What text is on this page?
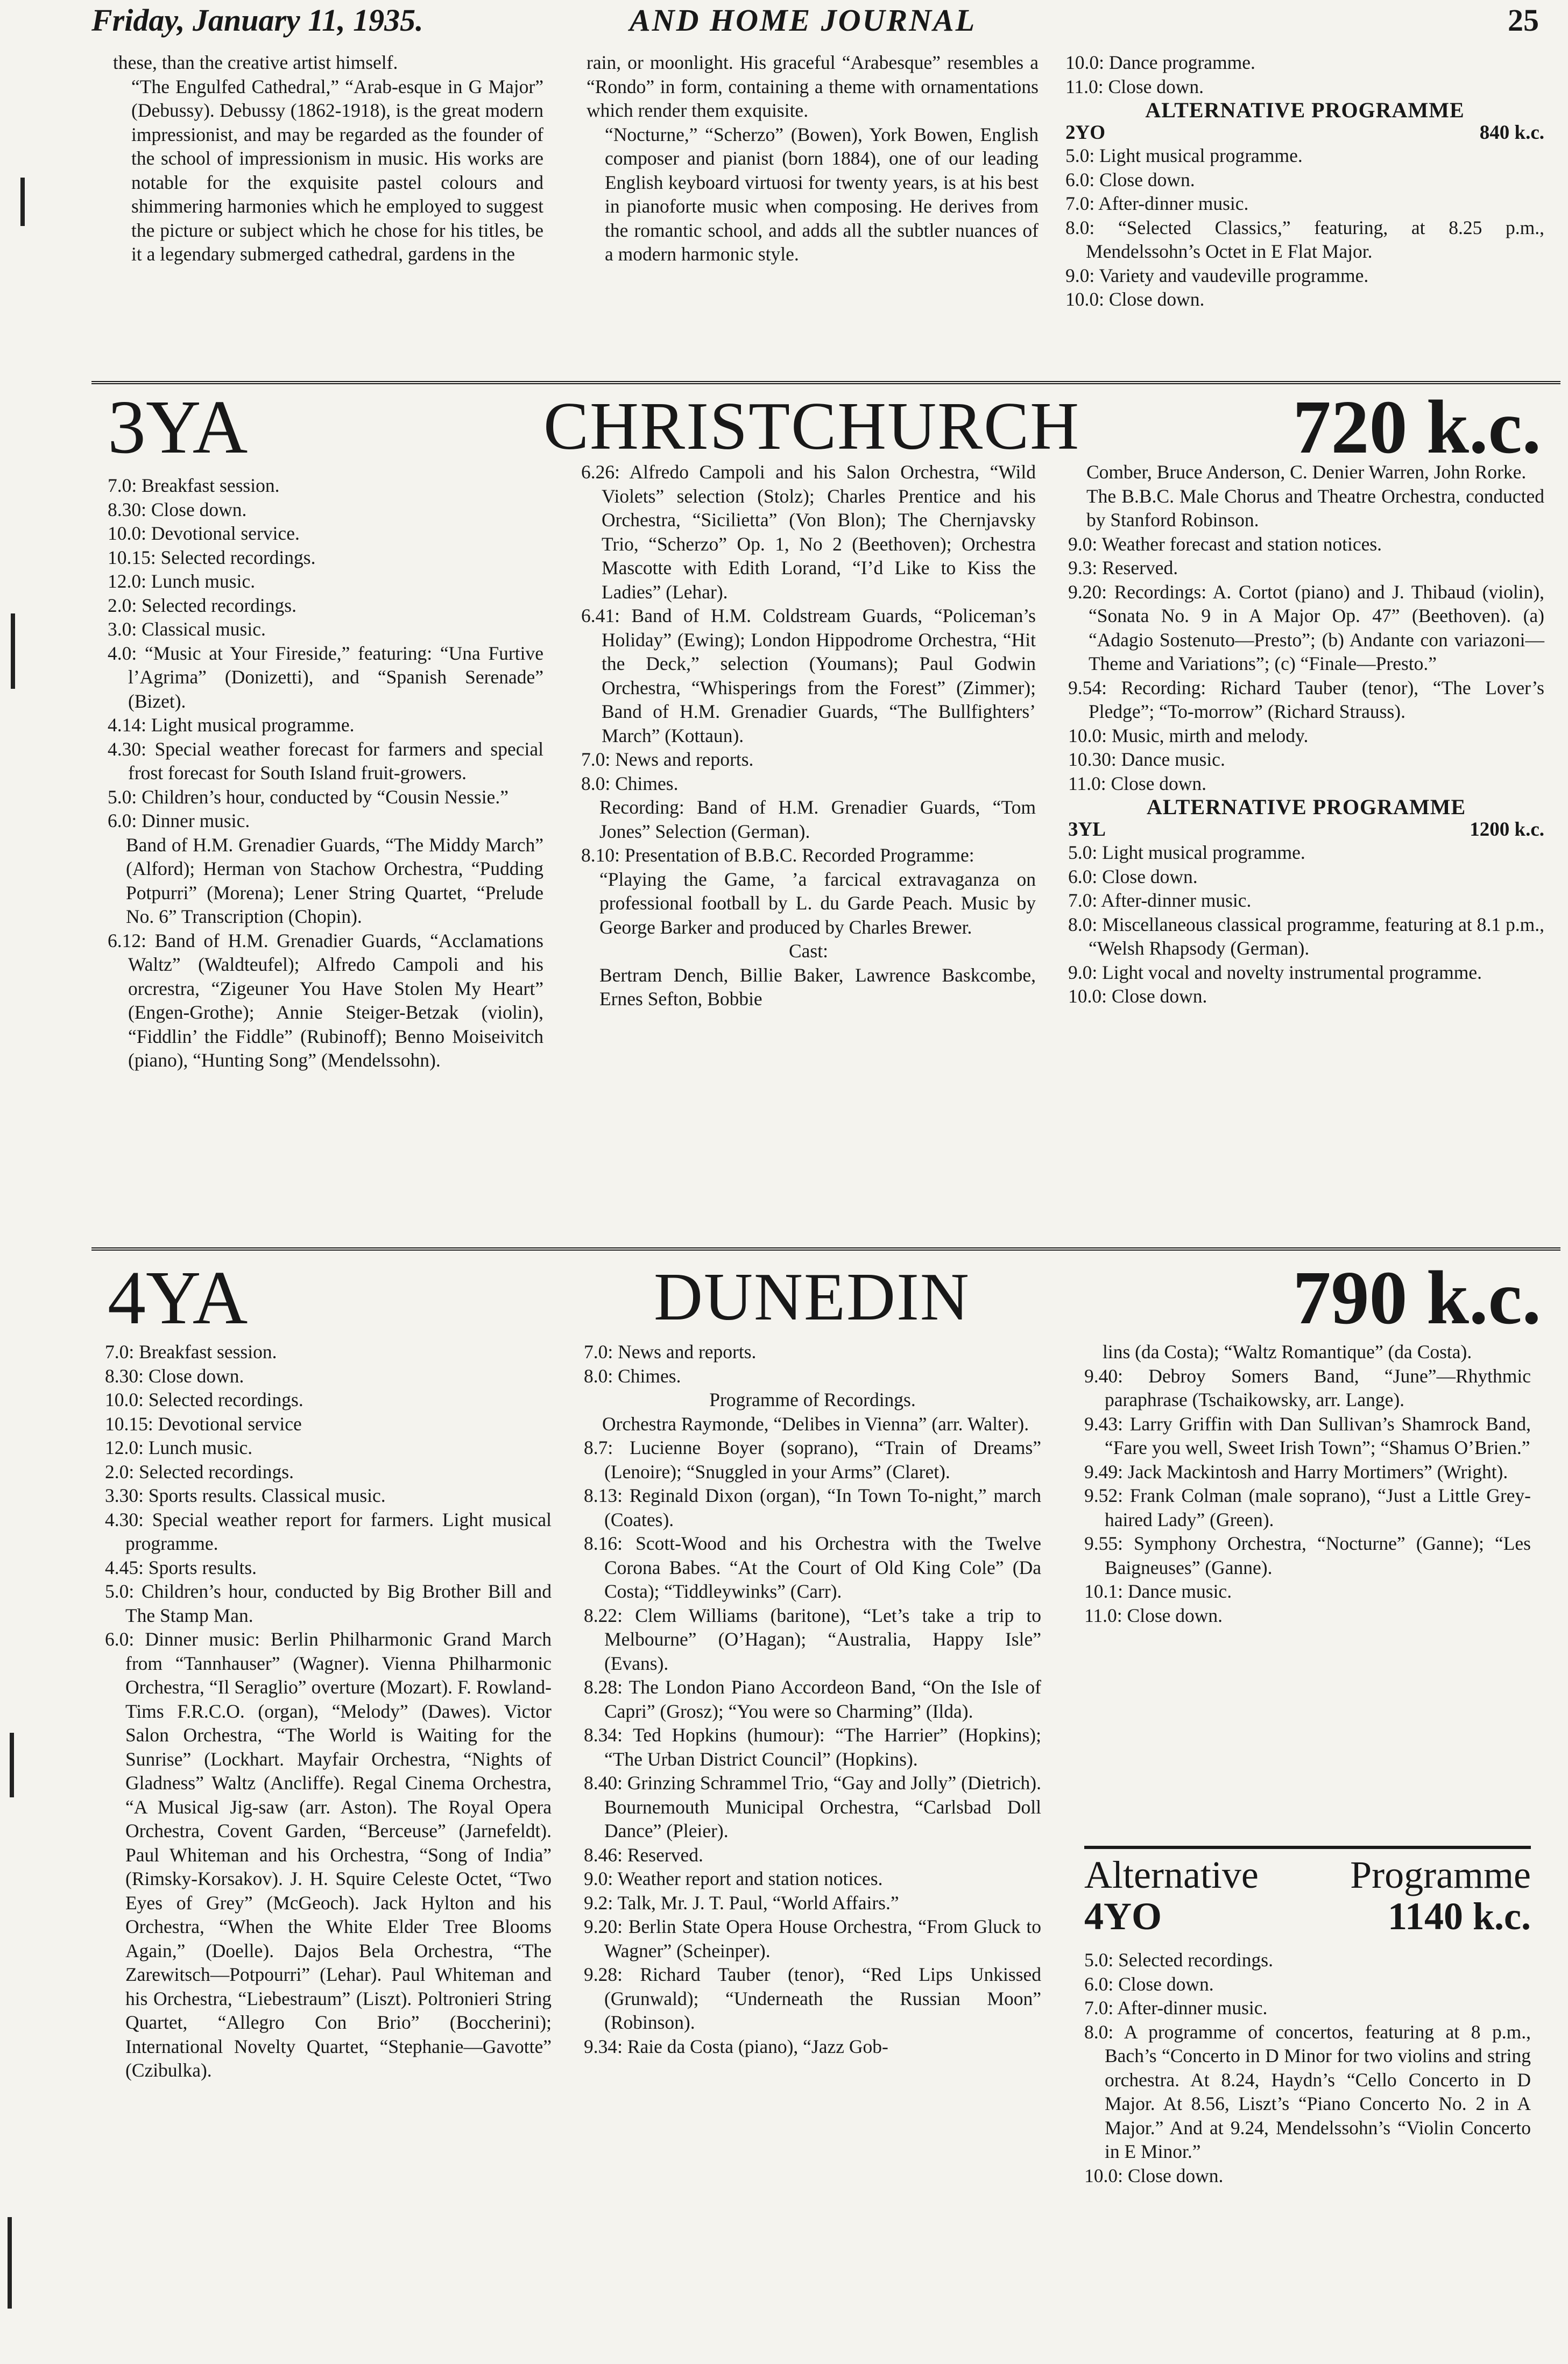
Friday, January 11, 1935.	AND HOME JOURNAL	25

these, than the creative artist himself.

“The Engulfed Cathedral,” “Arab-esque in G Major” (Debussy). Debussy (1862-1918), is the great modern impressionist, and may be regarded as the founder of the school of impressionism in music. His works are notable for the exquisite pastel colours and shimmering harmonies which he employed to suggest the picture or subject which he chose for his titles, be it a legendary submerged cathedral, gardens in the

rain, or moonlight. His graceful “Arabesque” resembles a “Rondo” in form, containing a theme with ornamentations which render them exquisite.

“Nocturne,” “Scherzo” (Bowen), York Bowen, English composer and pianist (born 1884), one of our leading English keyboard virtuosi for twenty years, is at his best in pianoforte music when composing. He derives from the romantic school, and adds all the subtler nuances of a modern harmonic style.

10.0: Dance programme.

11.0: Close down.

ALTERNATIVE PROGRAMME
2YO	840 k.c.

5.0: Light musical programme.

6.0: Close down.

7.0: After-dinner music.

8.0: “Selected Classics,” featuring, at 8.25 p.m., Mendelssohn’s Octet in E Flat Major.

9.0: Variety and vaudeville programme.

10.0: Close down.

3YA	CHRISTCHURCH	720 k.c.

7.0: Breakfast session.

8.30: Close down.

10.0: Devotional service.

10.15: Selected recordings.

12.0: Lunch music.

2.0: Selected recordings.

3.0: Classical music.

4.0: “Music at Your Fireside,” featuring: “Una Furtive l’Agrima” (Donizetti), and “Spanish Serenade” (Bizet).

4.14: Light musical programme.

4.30: Special weather forecast for farmers and special frost forecast for South Island fruit-growers.

5.0: Children’s hour, conducted by “Cousin Nessie.”

6.0: Dinner music.

Band of H.M. Grenadier Guards, “The Middy March” (Alford); Herman von Stachow Orchestra, “Pudding Potpurri” (Morena); Lener String Quartet, “Prelude No. 6” Transcription (Chopin).

6.12: Band of H.M. Grenadier Guards, “Acclamations Waltz” (Waldteufel); Alfredo Campoli and his orcrestra, “Zigeuner You Have Stolen My Heart” (Engen-Grothe); Annie Steiger-Betzak (violin), “Fiddlin’ the Fiddle” (Rubinoff); Benno Moiseivitch (piano), “Hunting Song” (Mendelssohn).

6.26: Alfredo Campoli and his Salon Orchestra, “Wild Violets” selection (Stolz); Charles Prentice and his Orchestra, “Sicilietta” (Von Blon); The Chernjavsky Trio, “Scherzo” Op. 1, No 2 (Beethoven); Orchestra Mascotte with Edith Lorand, “I’d Like to Kiss the Ladies” (Lehar).

6.41: Band of H.M. Coldstream Guards, “Policeman’s Holiday” (Ewing); London Hippodrome Orchestra, “Hit the Deck,” selection (Youmans); Paul Godwin Orchestra, “Whisperings from the Forest” (Zimmer); Band of H.M. Grenadier Guards, “The Bullfighters’ March” (Kottaun).

7.0: News and reports.

8.0: Chimes.

Recording: Band of H.M. Grenadier Guards, “Tom Jones” Selection (German).

8.10: Presentation of B.B.C. Recorded Programme:

“Playing the Game, ’a farcical extravaganza on professional football by L. du Garde Peach. Music by George Barker and produced by Charles Brewer.

Cast:

Bertram Dench, Billie Baker, Lawrence Baskcombe, Ernes Sefton, Bobbie

Comber, Bruce Anderson, C. Denier Warren, John Rorke.

The B.B.C. Male Chorus and Theatre Orchestra, conducted by Stanford Robinson.

9.0: Weather forecast and station notices.

9.3: Reserved.

9.20: Recordings: A. Cortot (piano) and J. Thibaud (violin), “Sonata No. 9 in A Major Op. 47” (Beethoven). (a) “Adagio Sostenuto—Presto”; (b) Andante con variazoni—Theme and Variations”; (c) “Finale—Presto.”

9.54: Recording: Richard Tauber (tenor), “The Lover’s Pledge”; “To-morrow” (Richard Strauss).

10.0: Music, mirth and melody.

10.30: Dance music.

11.0: Close down.

ALTERNATIVE PROGRAMME
3YL	1200 k.c.

5.0: Light musical programme.

6.0: Close down.

7.0: After-dinner music.

8.0: Miscellaneous classical programme, featuring at 8.1 p.m., “Welsh Rhapsody (German).

9.0: Light vocal and novelty instrumental programme.

10.0: Close down.

4YA	DUNEDIN	790 k.c.

7.0: Breakfast session.

8.30: Close down.

10.0: Selected recordings.

10.15: Devotional service

12.0: Lunch music.

2.0: Selected recordings.

3.30: Sports results. Classical music.

4.30: Special weather report for farmers. Light musical programme.

4.45: Sports results.

5.0: Children’s hour, conducted by Big Brother Bill and The Stamp Man.

6.0: Dinner music: Berlin Philharmonic Grand March from “Tannhauser” (Wagner). Vienna Philharmonic Orchestra, “Il Seraglio” overture (Mozart). F. Rowland-Tims F.R.C.O. (organ), “Melody” (Dawes). Victor Salon Orchestra, “The World is Waiting for the Sunrise” (Lockhart. Mayfair Orchestra, “Nights of Gladness” Waltz (Ancliffe). Regal Cinema Orchestra, “A Musical Jig-saw (arr. Aston). The Royal Opera Orchestra, Covent Garden, “Berceuse” (Jarnefeldt). Paul Whiteman and his Orchestra, “Song of India” (Rimsky-Korsakov). J. H. Squire Celeste Octet, “Two Eyes of Grey” (McGeoch). Jack Hylton and his Orchestra, “When the White Elder Tree Blooms Again,” (Doelle). Dajos Bela Orchestra, “The Zarewitsch—Potpourri” (Lehar). Paul Whiteman and his Orchestra, “Liebestraum” (Liszt). Poltronieri String Quartet, “Allegro Con Brio” (Boccherini); International Novelty Quartet, “Stephanie—Gavotte” (Czibulka).

7.0: News and reports.

8.0: Chimes.

Programme of Recordings.

Orchestra Raymonde, “Delibes in Vienna” (arr. Walter).

8.7: Lucienne Boyer (soprano), “Train of Dreams” (Lenoire); “Snuggled in your Arms” (Claret).

8.13: Reginald Dixon (organ), “In Town To-night,” march (Coates).

8.16: Scott-Wood and his Orchestra with the Twelve Corona Babes. “At the Court of Old King Cole” (Da Costa); “Tiddleywinks” (Carr).

8.22: Clem Williams (baritone), “Let’s take a trip to Melbourne” (O’Hagan); “Australia, Happy Isle” (Evans).

8.28: The London Piano Accordeon Band, “On the Isle of Capri” (Grosz); “You were so Charming” (Ilda).

8.34: Ted Hopkins (humour): “The Harrier” (Hopkins); “The Urban District Council” (Hopkins).

8.40: Grinzing Schrammel Trio, “Gay and Jolly” (Dietrich). Bournemouth Municipal Orchestra, “Carlsbad Doll Dance” (Pleier).

8.46: Reserved.

9.0: Weather report and station notices.

9.2: Talk, Mr. J. T. Paul, “World Affairs.”

9.20: Berlin State Opera House Orchestra, “From Gluck to Wagner” (Scheinper).

9.28: Richard Tauber (tenor), “Red Lips Unkissed (Grunwald); “Underneath the Russian Moon” (Robinson).

9.34: Raie da Costa (piano), “Jazz Gob-

lins (da Costa); “Waltz Romantique” (da Costa).

9.40: Debroy Somers Band, “June”—Rhythmic paraphrase (Tschaikowsky, arr. Lange).

9.43: Larry Griffin with Dan Sullivan’s Shamrock Band, “Fare you well, Sweet Irish Town”; “Shamus O’Brien.”

9.49: Jack Mackintosh and Harry Mortimers” (Wright).

9.52: Frank Colman (male soprano), “Just a Little Grey-haired Lady” (Green).

9.55: Symphony Orchestra, “Nocturne” (Ganne); “Les Baigneuses” (Ganne).

10.1: Dance music.

11.0: Close down.

Alternative Programme
4YO	1140 k.c.

5.0: Selected recordings.

6.0: Close down.

7.0: After-dinner music.

8.0: A programme of concertos, featuring at 8 p.m., Bach’s “Concerto in D Minor for two violins and string orchestra. At 8.24, Haydn’s “Cello Concerto in D Major. At 8.56, Liszt’s “Piano Concerto No. 2 in A Major.” And at 9.24, Mendelssohn’s “Violin Concerto in E Minor.”

10.0: Close down.
